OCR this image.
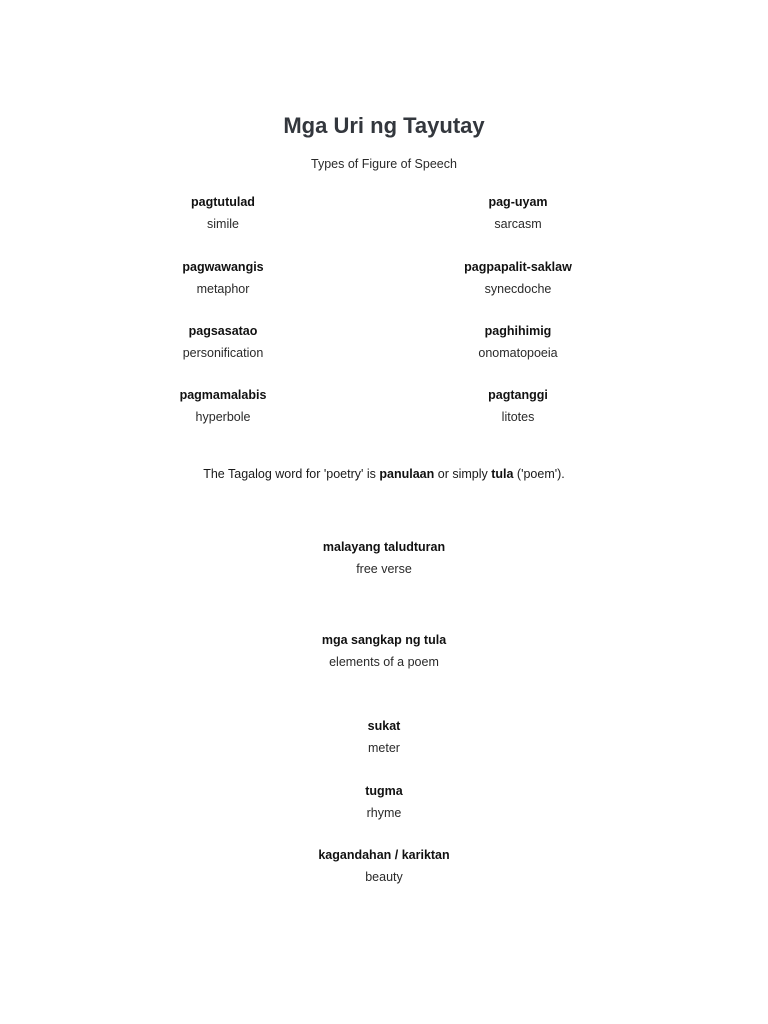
Mga Uri ng Tayutay
Types of Figure of Speech
pagtutulad
simile
pagwawangis
metaphor
pagsasatao
personification
pagmamalabis
hyperbole
pag-uyam
sarcasm
pagpapalit-saklaw
synecdoche
paghihimig
onomatopoeia
pagtanggi
litotes
The Tagalog word for 'poetry' is panulaan or simply tula ('poem').
malayang taludturan
free verse
mga sangkap ng tula
elements of a poem
sukat
meter
tugma
rhyme
kagandahan / kariktan
beauty
